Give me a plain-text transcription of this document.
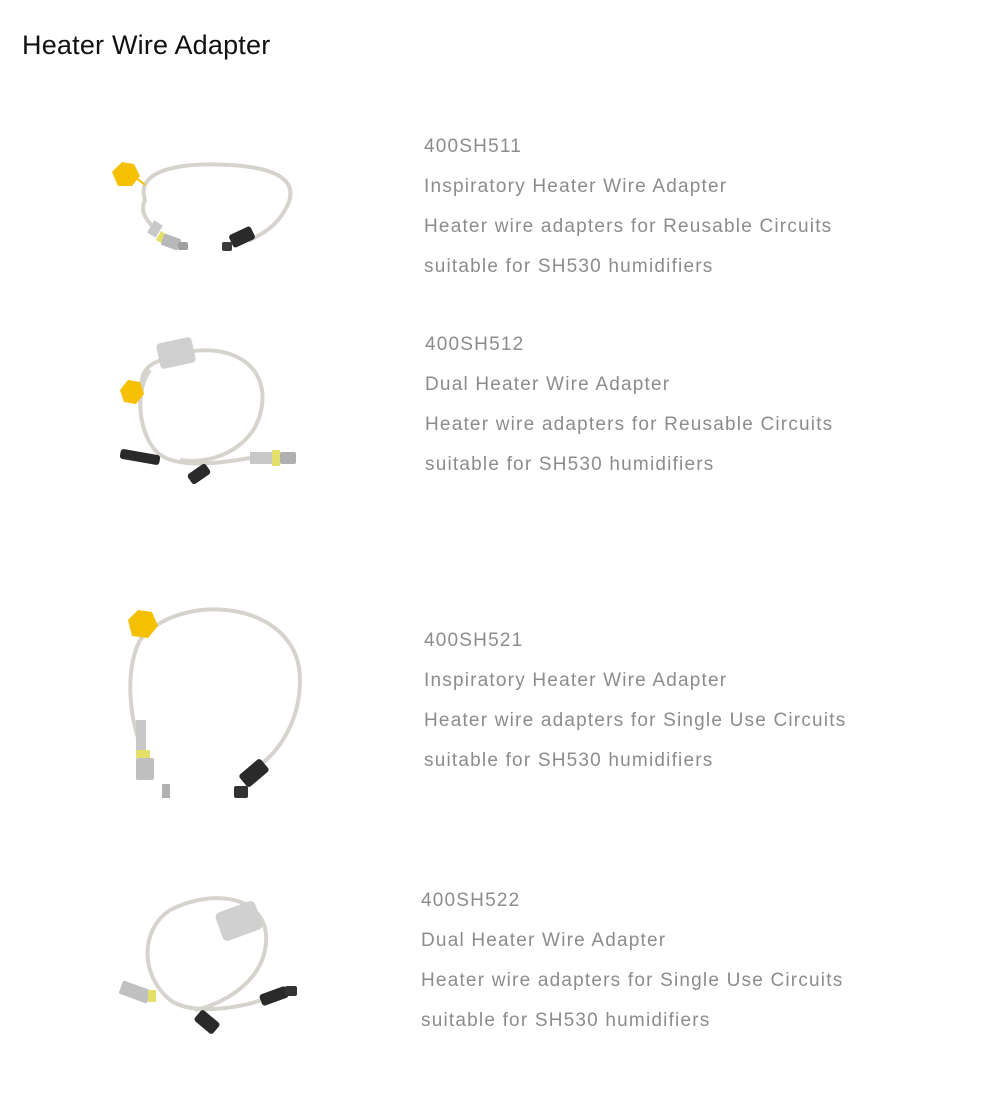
Heater Wire Adapter
400SH511
Inspiratory Heater Wire Adapter
Heater wire adapters for Reusable Circuits
suitable for SH530 humidifiers
400SH512
Dual Heater Wire Adapter
Heater wire adapters for Reusable Circuits
suitable for SH530 humidifiers
400SH521
Inspiratory Heater Wire Adapter
Heater wire adapters for Single Use Circuits
suitable for SH530 humidifiers
400SH522
Dual Heater Wire Adapter
Heater wire adapters for Single Use Circuits
suitable for SH530 humidifiers
